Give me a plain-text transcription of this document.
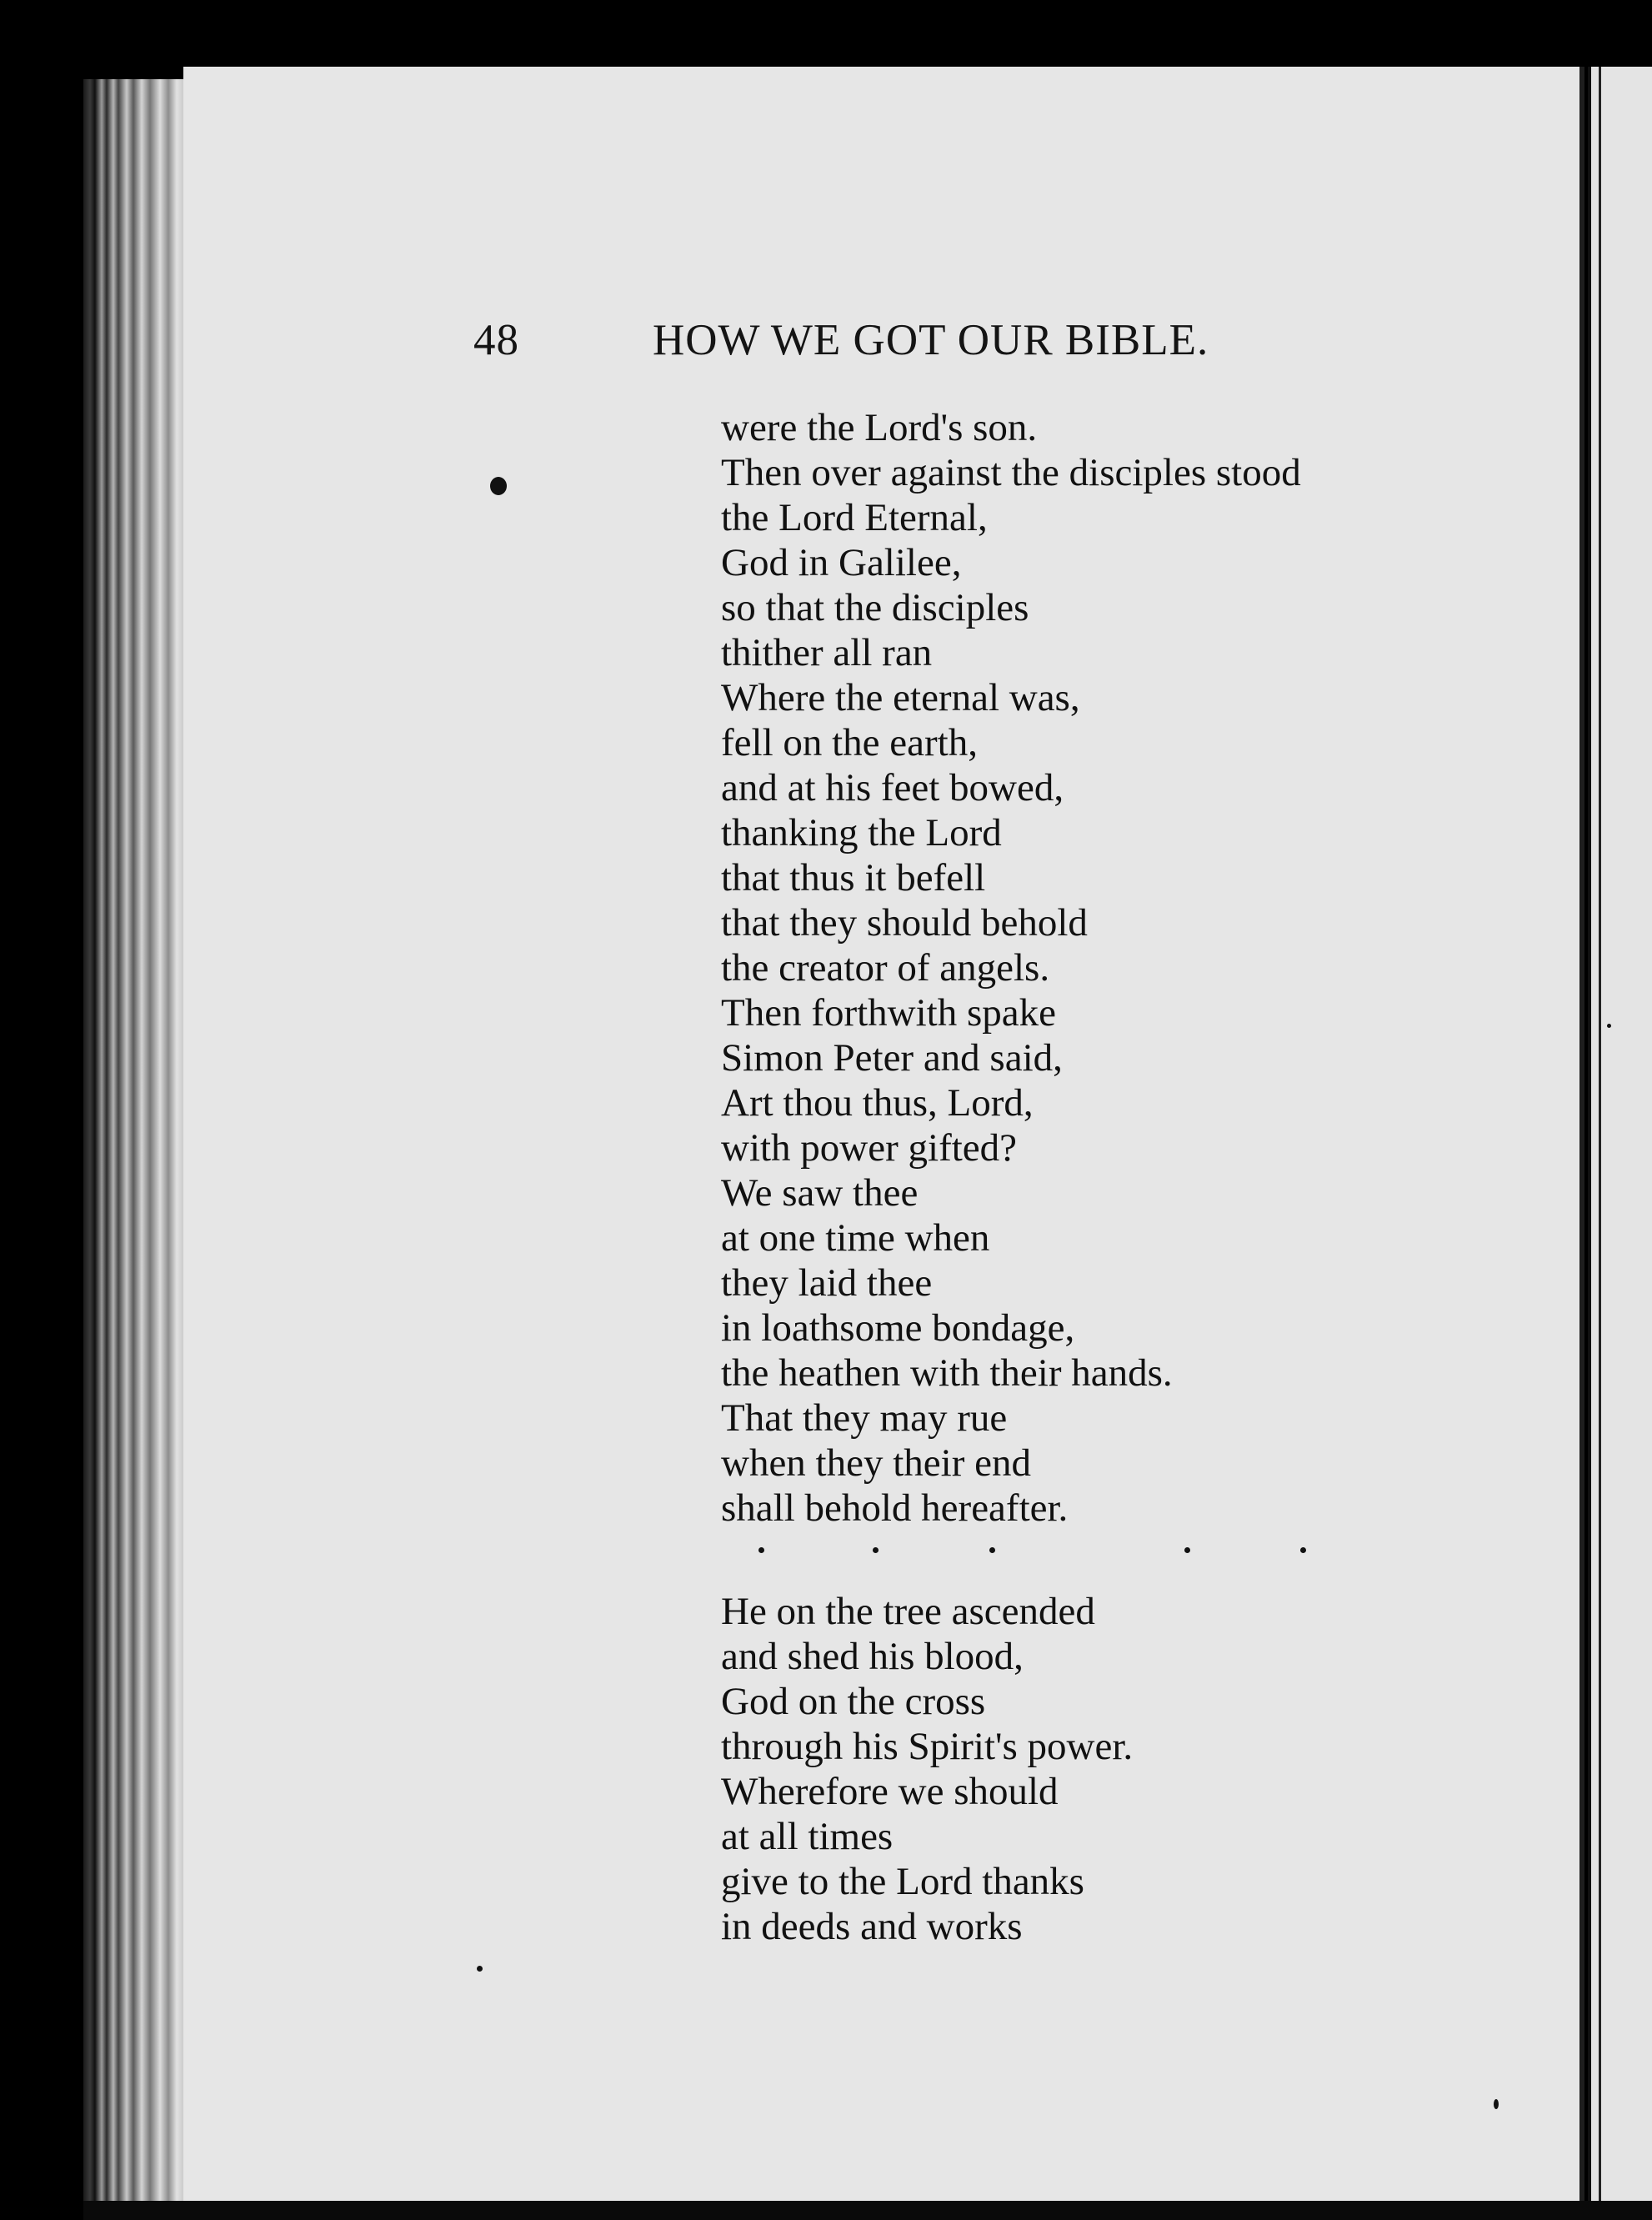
48	HOW WE GOT OUR BIBLE.
were the Lord's son.
Then over against the disciples stood
the Lord Eternal,
God in Galilee,
so that the disciples
thither all ran
Where the eternal was,
fell on the earth,
and at his feet bowed,
thanking the Lord
that thus it befell
that they should behold
the creator of angels.
Then forthwith spake
Simon Peter and said,
Art thou thus, Lord,
with power gifted?
We saw thee
at one time when
they laid thee
in loathsome bondage,
the heathen with their hands.
That they may rue
when they their end
shall behold hereafter.
He on the tree ascended
and shed his blood,
God on the cross
through his Spirit's power.
Wherefore we should
at all times
give to the Lord thanks
in deeds and works
